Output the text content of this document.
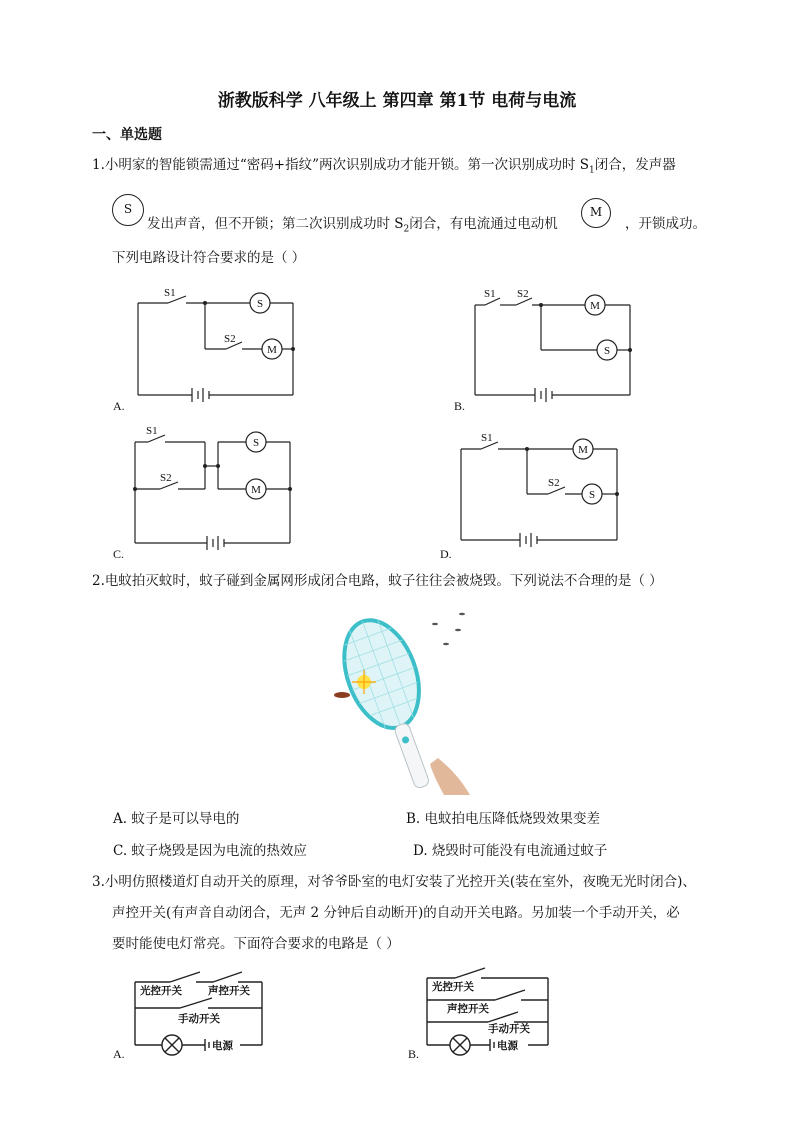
浙教版科学 八年级上 第四章 第1节 电荷与电流
一、单选题
1.小明家的智能锁需通过“密码+指纹”两次识别成功才能开锁。第一次识别成功时 $S_1$闭合，发声器
S
发出声音，但不开锁；第二次识别成功时 $S_2$闭合，有电流通过电动机
M
，开锁成功。
下列电路设计符合要求的是（ ）
S
M
M
S
S
M
M
S
S1
S2
S1 S2
S1
S2
S1
S2
A.	B.
C.	D.
2.电蚊拍灭蚊时，蚊子碰到金属网形成闭合电路，蚊子往往会被烧毁。下列说法不合理的是（ ）
A. 蚊子是可以导电的	B. 电蚊拍电压降低烧毁效果变差
C. 蚊子烧毁是因为电流的热效应	D. 烧毁时可能没有电流通过蚊子
3.小明仿照楼道灯自动开关的原理，对爷爷卧室的电灯安装了光控开关(装在室外，夜晚无光时闭合)、
声控开关(有声音自动闭合，无声 2 分钟后自动断开)的自动开关电路。另加装一个手动开关，必
要时能使电灯常亮。下面符合要求的电路是（ ）
光控开关 声控开关
手动开关
电源
光控开关
声控开关
手动开关
电源
A.	B.
